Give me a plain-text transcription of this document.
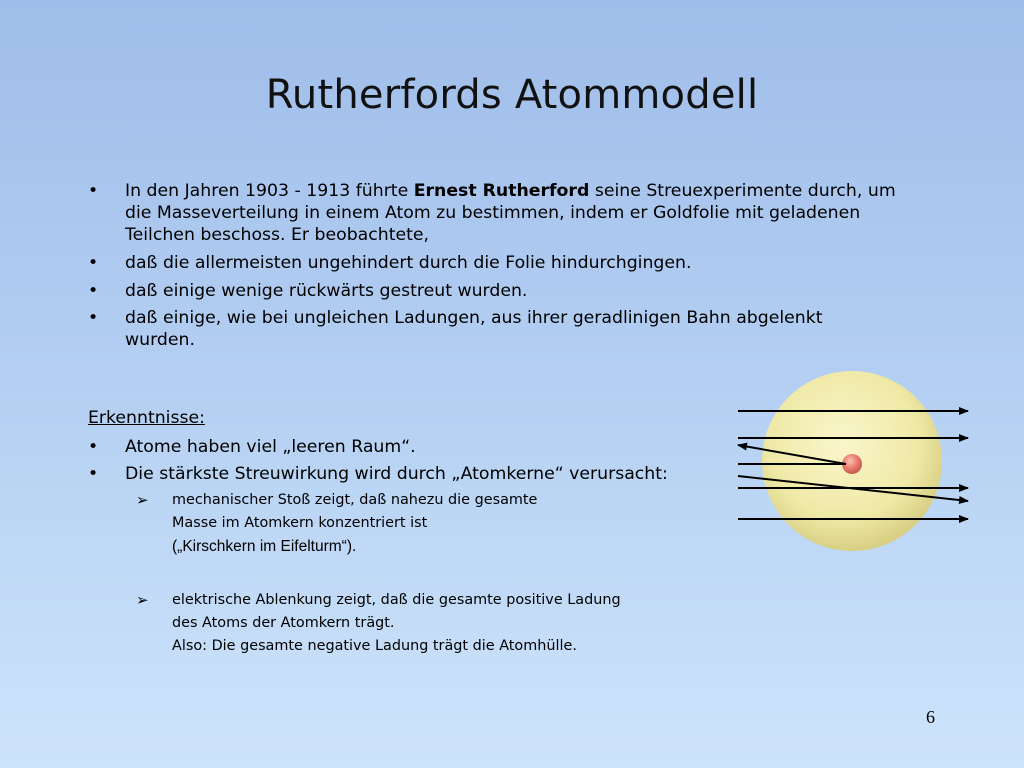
Rutherfords Atommodell
•	In den Jahren 1903 - 1913 führte Ernest Rutherford seine Streuexperimente durch, um
die Masseverteilung in einem Atom zu bestimmen, indem er Goldfolie mit geladenen
Teilchen beschoss. Er beobachtete,
•	daß die allermeisten ungehindert durch die Folie hindurchgingen.
•	daß einige wenige rückwärts gestreut wurden.
•	daß einige, wie bei ungleichen Ladungen, aus ihrer geradlinigen Bahn abgelenkt
wurden.
Erkenntnisse:
•	Atome haben viel „leeren Raum“.
•	Die stärkste Streuwirkung wird durch „Atomkerne“ verursacht:
➢ mechanischer Stoß zeigt, daß nahezu die gesamte
Masse im Atomkern konzentriert ist
(„Kirschkern im Eifelturm“).
➢ elektrische Ablenkung zeigt, daß die gesamte positive Ladung
des Atoms der Atomkern trägt.
Also: Die gesamte negative Ladung trägt die Atomhülle.
6
